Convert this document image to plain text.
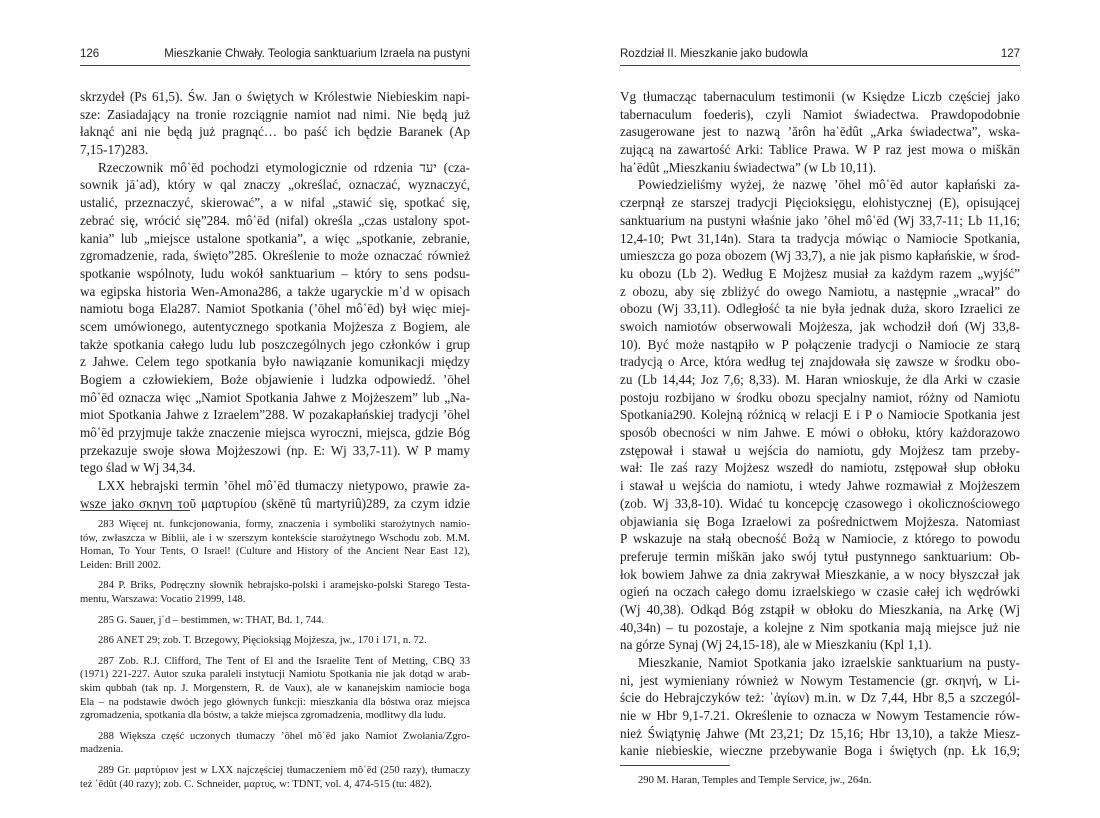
126	Mieszkanie Chwały. Teologia sanktuarium Izraela na pustyni
skrzydeł (Ps 61,5). Św. Jan o świętych w Królestwie Niebieskim napi-
sze: Zasiadający na tronie rozciągnie namiot nad nimi. Nie będą już
łaknąć ani nie będą już pragnąć… bo paść ich będzie Baranek (Ap
7,15-17)283.
Rzeczownik mô῾ēd pochodzi etymologicznie od rdzenia יעד (cza-
sownik jā῾ad), który w qal znaczy „określać, oznaczać, wyznaczyć,
ustalić, przeznaczyć, skierować”, a w nifal „stawić się, spotkać się,
zebrać się, wrócić się”284. mô῾ēd (nifal) określa „czas ustalony spot-
kania” lub „miejsce ustalone spotkania”, a więc „spotkanie, zebranie,
zgromadzenie, rada, święto”285. Określenie to może oznaczać również
spotkanie wspólnoty, ludu wokół sanktuarium – który to sens podsu-
wa egipska historia Wen-Amona286, a także ugaryckie m῾d w opisach
namiotu boga Ela287. Namiot Spotkania (’ōhel mô῾ēd) był więc miej-
scem umówionego, autentycznego spotkania Mojżesza z Bogiem, ale
także spotkania całego ludu lub poszczególnych jego członków i grup
z Jahwe. Celem tego spotkania było nawiązanie komunikacji między
Bogiem a człowiekiem, Boże objawienie i ludzka odpowiedź. ’ōhel
mô῾ēd oznacza więc „Namiot Spotkania Jahwe z Mojżeszem” lub „Na-
miot Spotkania Jahwe z Izraelem”288. W pozakapłańskiej tradycji ’ōhel
mô῾ēd przyjmuje także znaczenie miejsca wyroczni, miejsca, gdzie Bóg
przekazuje swoje słowa Mojżeszowi (np. E: Wj 33,7-11). W P mamy
tego ślad w Wj 34,34.
LXX hebrajski termin ’ōhel mô῾ēd tłumaczy nietypowo, prawie za-
wsze jako σκηνη τοῦ μαρτυρίου (skēnē tû martyriû)289, za czym idzie
283 Więcej nt. funkcjonowania, formy, znaczenia i symboliki starożytnych namio-
tów, zwłaszcza w Biblii, ale i w szerszym kontekście starożytnego Wschodu zob. M.M.
Homan, To Your Tents, O Israel! (Culture and History of the Ancient Near East 12),
Leiden: Brill 2002.
284 P. Briks, Podręczny słownik hebrajsko-polski i aramejsko-polski Starego Testa-
mentu, Warszawa: Vocatio 21999, 148.
285 G. Sauer, j῾d – bestimmen, w: THAT, Bd. 1, 744.
286 ANET 29; zob. T. Brzegowy, Pięcioksiąg Mojżesza, jw., 170 i 171, n. 72.
287 Zob. R.J. Clifford, The Tent of El and the Israelite Tent of Metting, CBQ 33
(1971) 221-227. Autor szuka paraleli instytucji Namiotu Spotkania nie jak dotąd w arab-
skim qubbah (tak np. J. Morgenstern, R. de Vaux), ale w kananejskim namiocie boga
Ela – na podstawie dwóch jego głównych funkcji: mieszkania dla bóstwa oraz miejsca
zgromadzenia, spotkania dla bóstw, a także miejsca zgromadzenia, modlitwy dla ludu.
288 Większa część uczonych tłumaczy ’ōhel mô῾ēd jako Namiot Zwołania/Zgro-
madzenia.
289 Gr. μαρτύριον jest w LXX najczęściej tłumaczeniem mô῾ēd (250 razy), tłumaczy
też ῾ēdût (40 razy); zob. C. Schneider, μαρτυς, w: TDNT, vol. 4, 474-515 (tu: 482).
Rozdział II. Mieszkanie jako budowla	127
Vg tłumacząc tabernaculum testimonii (w Księdze Liczb częściej jako
tabernaculum foederis), czyli Namiot świadectwa. Prawdopodobnie
zasugerowane jest to nazwą ’ărôn ha῾ēdût „Arka świadectwa”, wska-
zującą na zawartość Arki: Tablice Prawa. W P raz jest mowa o miškān
ha῾ēdût „Mieszkaniu świadectwa” (w Lb 10,11).
Powiedzieliśmy wyżej, że nazwę ’ōhel mô῾ēd autor kapłański za-
czerpnął ze starszej tradycji Pięcioksięgu, elohistycznej (E), opisującej
sanktuarium na pustyni właśnie jako ’ōhel mô῾ēd (Wj 33,7-11; Lb 11,16;
12,4-10; Pwt 31,14n). Stara ta tradycja mówiąc o Namiocie Spotkania,
umieszcza go poza obozem (Wj 33,7), a nie jak pismo kapłańskie, w środ-
ku obozu (Lb 2). Według E Mojżesz musiał za każdym razem „wyjść”
z obozu, aby się zbliżyć do owego Namiotu, a następnie „wracał” do
obozu (Wj 33,11). Odległość ta nie była jednak duża, skoro Izraelici ze
swoich namiotów obserwowali Mojżesza, jak wchodził doń (Wj 33,8-
10). Być może nastąpiło w P połączenie tradycji o Namiocie ze starą
tradycją o Arce, która według tej znajdowała się zawsze w środku obo-
zu (Lb 14,44; Joz 7,6; 8,33). M. Haran wnioskuje, że dla Arki w czasie
postoju rozbijano w środku obozu specjalny namiot, różny od Namiotu
Spotkania290. Kolejną różnicą w relacji E i P o Namiocie Spotkania jest
sposób obecności w nim Jahwe. E mówi o obłoku, który każdorazowo
zstępował i stawał u wejścia do namiotu, gdy Mojżesz tam przeby-
wał: Ile zaś razy Mojżesz wszedł do namiotu, zstępował słup obłoku
i stawał u wejścia do namiotu, i wtedy Jahwe rozmawiał z Mojżeszem
(zob. Wj 33,8-10). Widać tu koncepcję czasowego i okolicznościowego
objawiania się Boga Izraelowi za pośrednictwem Mojżesza. Natomiast
P wskazuje na stałą obecność Bożą w Namiocie, z którego to powodu
preferuje termin miškān jako swój tytuł pustynnego sanktuarium: Ob-
łok bowiem Jahwe za dnia zakrywał Mieszkanie, a w nocy błyszczał jak
ogień na oczach całego domu izraelskiego w czasie całej ich wędrówki
(Wj 40,38). Odkąd Bóg zstąpił w obłoku do Mieszkania, na Arkę (Wj
40,34n) – tu pozostaje, a kolejne z Nim spotkania mają miejsce już nie
na górze Synaj (Wj 24,15-18), ale w Mieszkaniu (Kpl 1,1).
Mieszkanie, Namiot Spotkania jako izraelskie sanktuarium na pusty-
ni, jest wymieniany również w Nowym Testamencie (gr. σκηνή, w Li-
ście do Hebrajczyków też: ῾ἁγίων) m.in. w Dz 7,44, Hbr 8,5 a szczegól-
nie w Hbr 9,1-7.21. Określenie to oznacza w Nowym Testamencie rów-
nież Świątynię Jahwe (Mt 23,21; Dz 15,16; Hbr 13,10), a także Miesz-
kanie niebieskie, wieczne przebywanie Boga i świętych (np. Łk 16,9;
290 M. Haran, Temples and Temple Service, jw., 264n.
